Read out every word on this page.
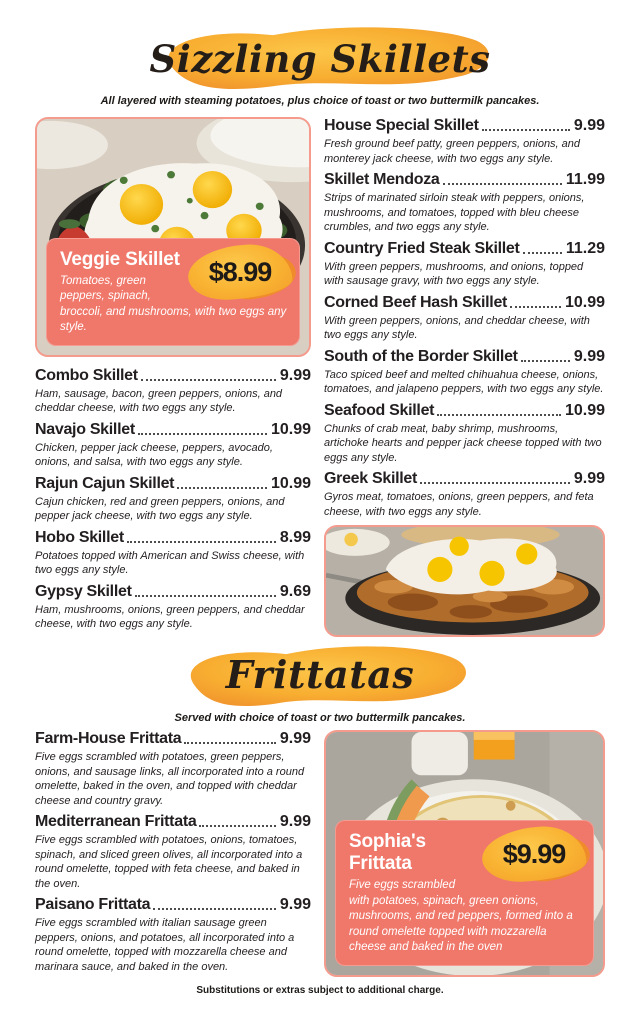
Sizzling Skillets
All layered with steaming potatoes, plus choice of toast or two buttermilk pancakes.
$8.99
Veggie Skillet
Tomatoes, green peppers, spinach, broccoli, and mushrooms, with two eggs any style.
Combo Skillet	9.99

Ham, sausage, bacon, green peppers, onions, and cheddar cheese, with two eggs any style.

Navajo Skillet	10.99

Chicken, pepper jack cheese, peppers, avocado, onions, and salsa, with two eggs any style.

Rajun Cajun Skillet	10.99

Cajun chicken, red and green peppers, onions, and pepper jack cheese, with two eggs any style.

Hobo Skillet	8.99

Potatoes topped with American and Swiss cheese, with two eggs any style.

Gypsy Skillet	9.69

Ham, mushrooms, onions, green peppers, and cheddar cheese, with two eggs any style.

House Special Skillet	9.99

Fresh ground beef patty, green peppers, onions, and monterey jack cheese, with two eggs any style.

Skillet Mendoza	11.99

Strips of marinated sirloin steak with peppers, onions, mushrooms, and tomatoes, topped with bleu cheese crumbles, and two eggs any style.

Country Fried Steak Skillet	11.29

With green peppers, mushrooms, and onions, topped with sausage gravy, with two eggs any style.

Corned Beef Hash Skillet	10.99

With green peppers, onions, and cheddar cheese, with two eggs any style.

South of the Border Skillet	9.99

Taco spiced beef and melted chihuahua cheese, onions, tomatoes, and jalapeno peppers, with two eggs any style.

Seafood Skillet	10.99

Chunks of crab meat, baby shrimp, mushrooms, artichoke hearts and pepper jack cheese topped with two eggs any style.

Greek Skillet	9.99

Gyros meat, tomatoes, onions, green peppers, and feta cheese, with two eggs any style.

Frittatas
Served with choice of toast or two buttermilk pancakes.
Farm-House Frittata	9.99

Five eggs scrambled with potatoes, green peppers, onions, and sausage links, all incorporated into a round omelette, baked in the oven, and topped with cheddar cheese and country gravy.

Mediterranean Frittata	9.99

Five eggs scrambled with potatoes, onions, tomatoes, spinach, and sliced green olives, all incorporated into a round omelette, topped with feta cheese, and baked in the oven.

Paisano Frittata	9.99

Five eggs scrambled with italian sausage green peppers, onions, and potatoes, all incorporated into a round omelette, topped with mozzarella cheese and marinara sauce, and baked in the oven.

$9.99
Sophia's Frittata
Five eggs scrambled with potatoes, spinach, green onions, mushrooms, and red peppers, formed into a round omelette topped with mozzarella cheese and baked in the oven
Substitutions or extras subject to additional charge.
